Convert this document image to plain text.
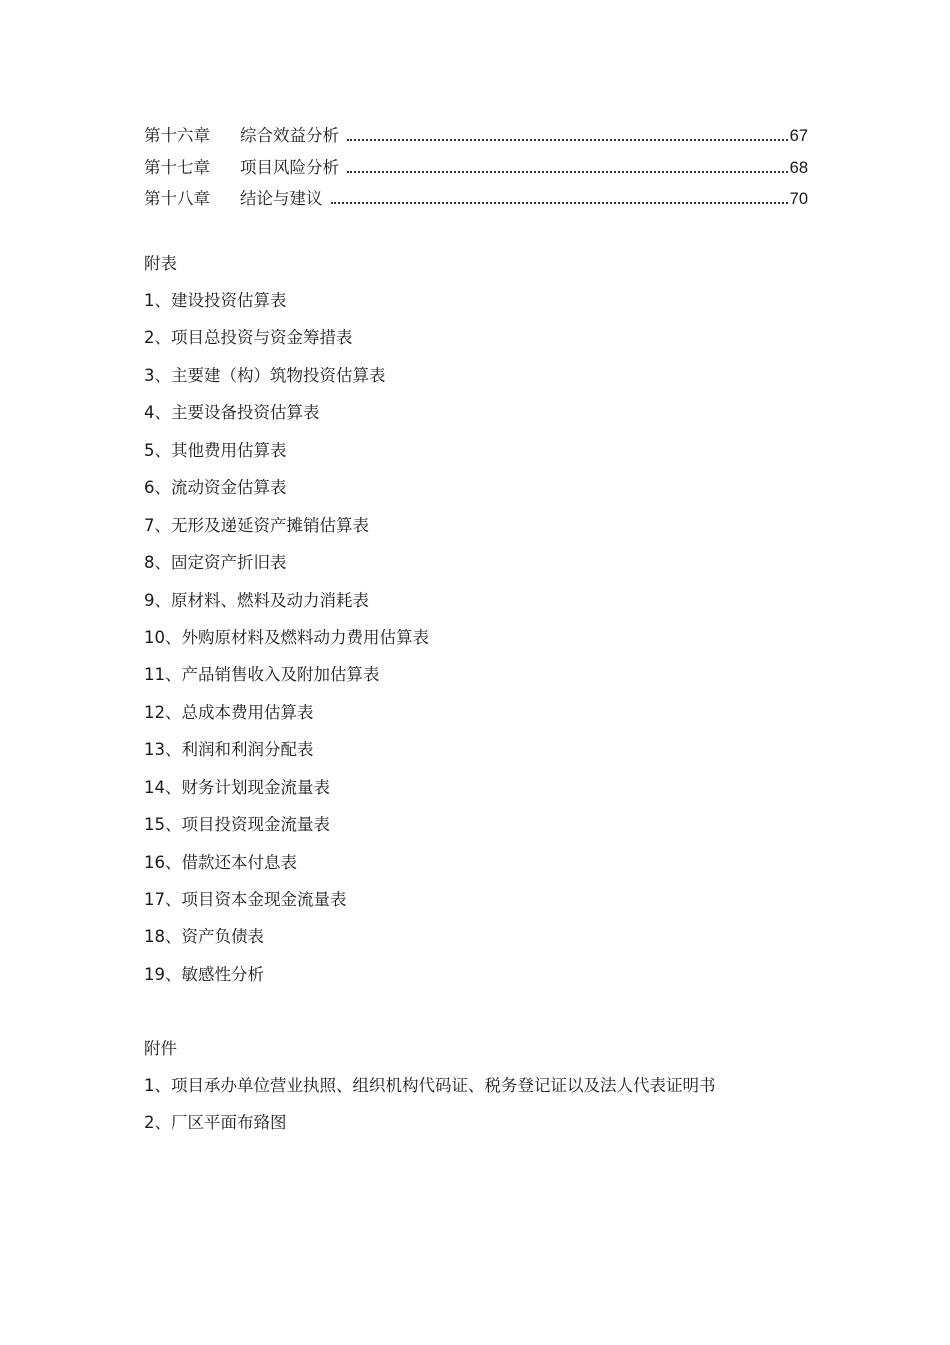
第十六章	综合效益分析	67
第十七章	项目风险分析	68
第十八章	结论与建议	70
附表
1、建设投资估算表
2、项目总投资与资金筹措表
3、主要建（构）筑物投资估算表
4、主要设备投资估算表
5、其他费用估算表
6、流动资金估算表
7、无形及递延资产摊销估算表
8、固定资产折旧表
9、原材料、燃料及动力消耗表
10、外购原材料及燃料动力费用估算表
11、产品销售收入及附加估算表
12、总成本费用估算表
13、利润和利润分配表
14、财务计划现金流量表
15、项目投资现金流量表
16、借款还本付息表
17、项目资本金现金流量表
18、资产负债表
19、敏感性分析
附件
1、项目承办单位营业执照、组织机构代码证、税务登记证以及法人代表证明书
2、厂区平面布臵图
